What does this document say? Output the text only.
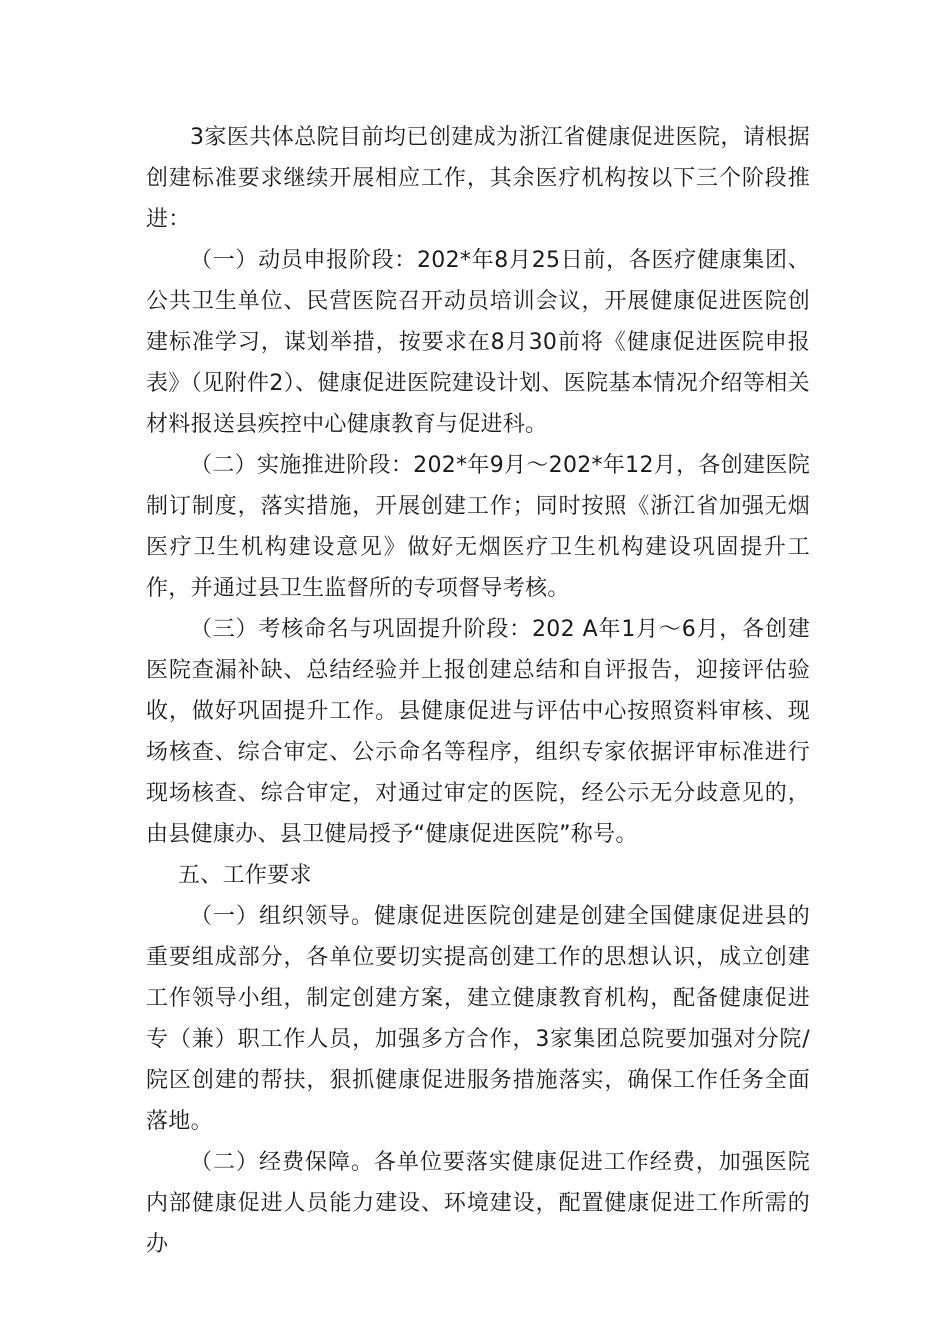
3家医共体总院目前均已创建成为浙江省健康促进医院，请根据创建标准要求继续开展相应工作，其余医疗机构按以下三个阶段推进：

（一）动员申报阶段：202*年8月25日前，各医疗健康集团、公共卫生单位、民营医院召开动员培训会议，开展健康促进医院创建标准学习，谋划举措，按要求在8月30前将《健康促进医院申报表》（见附件2）、健康促进医院建设计划、医院基本情况介绍等相关材料报送县疾控中心健康教育与促进科。

（二）实施推进阶段：202*年9月～202*年12月，各创建医院制订制度，落实措施，开展创建工作；同时按照《浙江省加强无烟医疗卫生机构建设意见》做好无烟医疗卫生机构建设巩固提升工作，并通过县卫生监督所的专项督导考核。

（三）考核命名与巩固提升阶段：202 A年1月～6月，各创建医院查漏补缺、总结经验并上报创建总结和自评报告，迎接评估验收，做好巩固提升工作。县健康促进与评估中心按照资料审核、现场核查、综合审定、公示命名等程序，组织专家依据评审标准进行现场核查、综合审定，对通过审定的医院，经公示无分歧意见的，由县健康办、县卫健局授予“健康促进医院”称号。

五、工作要求

（一）组织领导。健康促进医院创建是创建全国健康促进县的重要组成部分，各单位要切实提高创建工作的思想认识，成立创建工作领导小组，制定创建方案，建立健康教育机构，配备健康促进专（兼）职工作人员，加强多方合作，3家集团总院要加强对分院/院区创建的帮扶，狠抓健康促进服务措施落实，确保工作任务全面落地。

（二）经费保障。各单位要落实健康促进工作经费，加强医院内部健康促进人员能力建设、环境建设，配置健康促进工作所需的办
